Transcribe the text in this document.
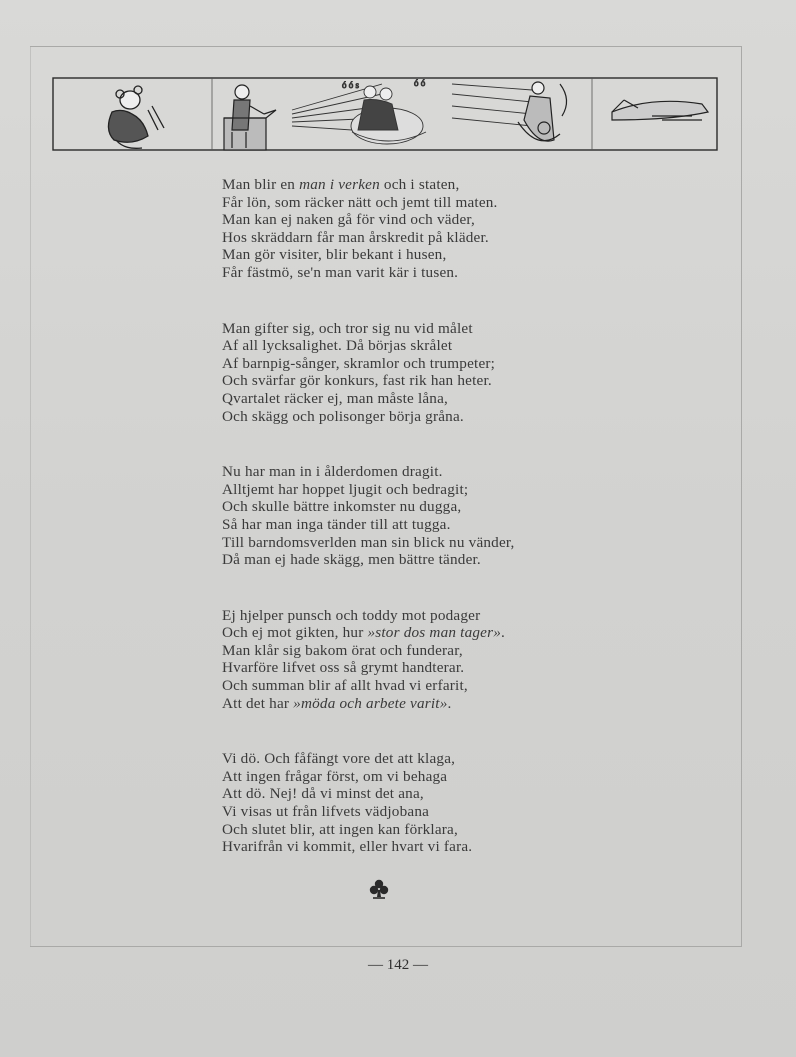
ó ó s	ó ó
Man blir en man i verken och i staten,
Får lön, som räcker nätt och jemt till maten.
Man kan ej naken gå för vind och väder,
Hos skräddarn får man årskredit på kläder.
Man gör visiter, blir bekant i husen,
Får fästmö, se'n man varit kär i tusen.
Man gifter sig, och tror sig nu vid målet
Af all lycksalighet. Då börjas skrålet
Af barnpig-sånger, skramlor och trumpeter;
Och svärfar gör konkurs, fast rik han heter.
Qvartalet räcker ej, man måste låna,
Och skägg och polisonger börja gråna.
Nu har man in i ålderdomen dragit.
Alltjemt har hoppet ljugit och bedragit;
Och skulle bättre inkomster nu dugga,
Så har man inga tänder till att tugga.
Till barndomsverlden man sin blick nu vänder,
Då man ej hade skägg, men bättre tänder.
Ej hjelper punsch och toddy mot podager
Och ej mot gikten, hur »stor dos man tager».
Man klår sig bakom örat och funderar,
Hvarföre lifvet oss så grymt handterar.
Och summan blir af allt hvad vi erfarit,
Att det har »möda och arbete varit».
Vi dö. Och fåfängt vore det att klaga,
Att ingen frågar först, om vi behaga
Att dö. Nej! då vi minst det ana,
Vi visas ut från lifvets vädjobana
Och slutet blir, att ingen kan förklara,
Hvarifrån vi kommit, eller hvart vi fara.
— 142 —
